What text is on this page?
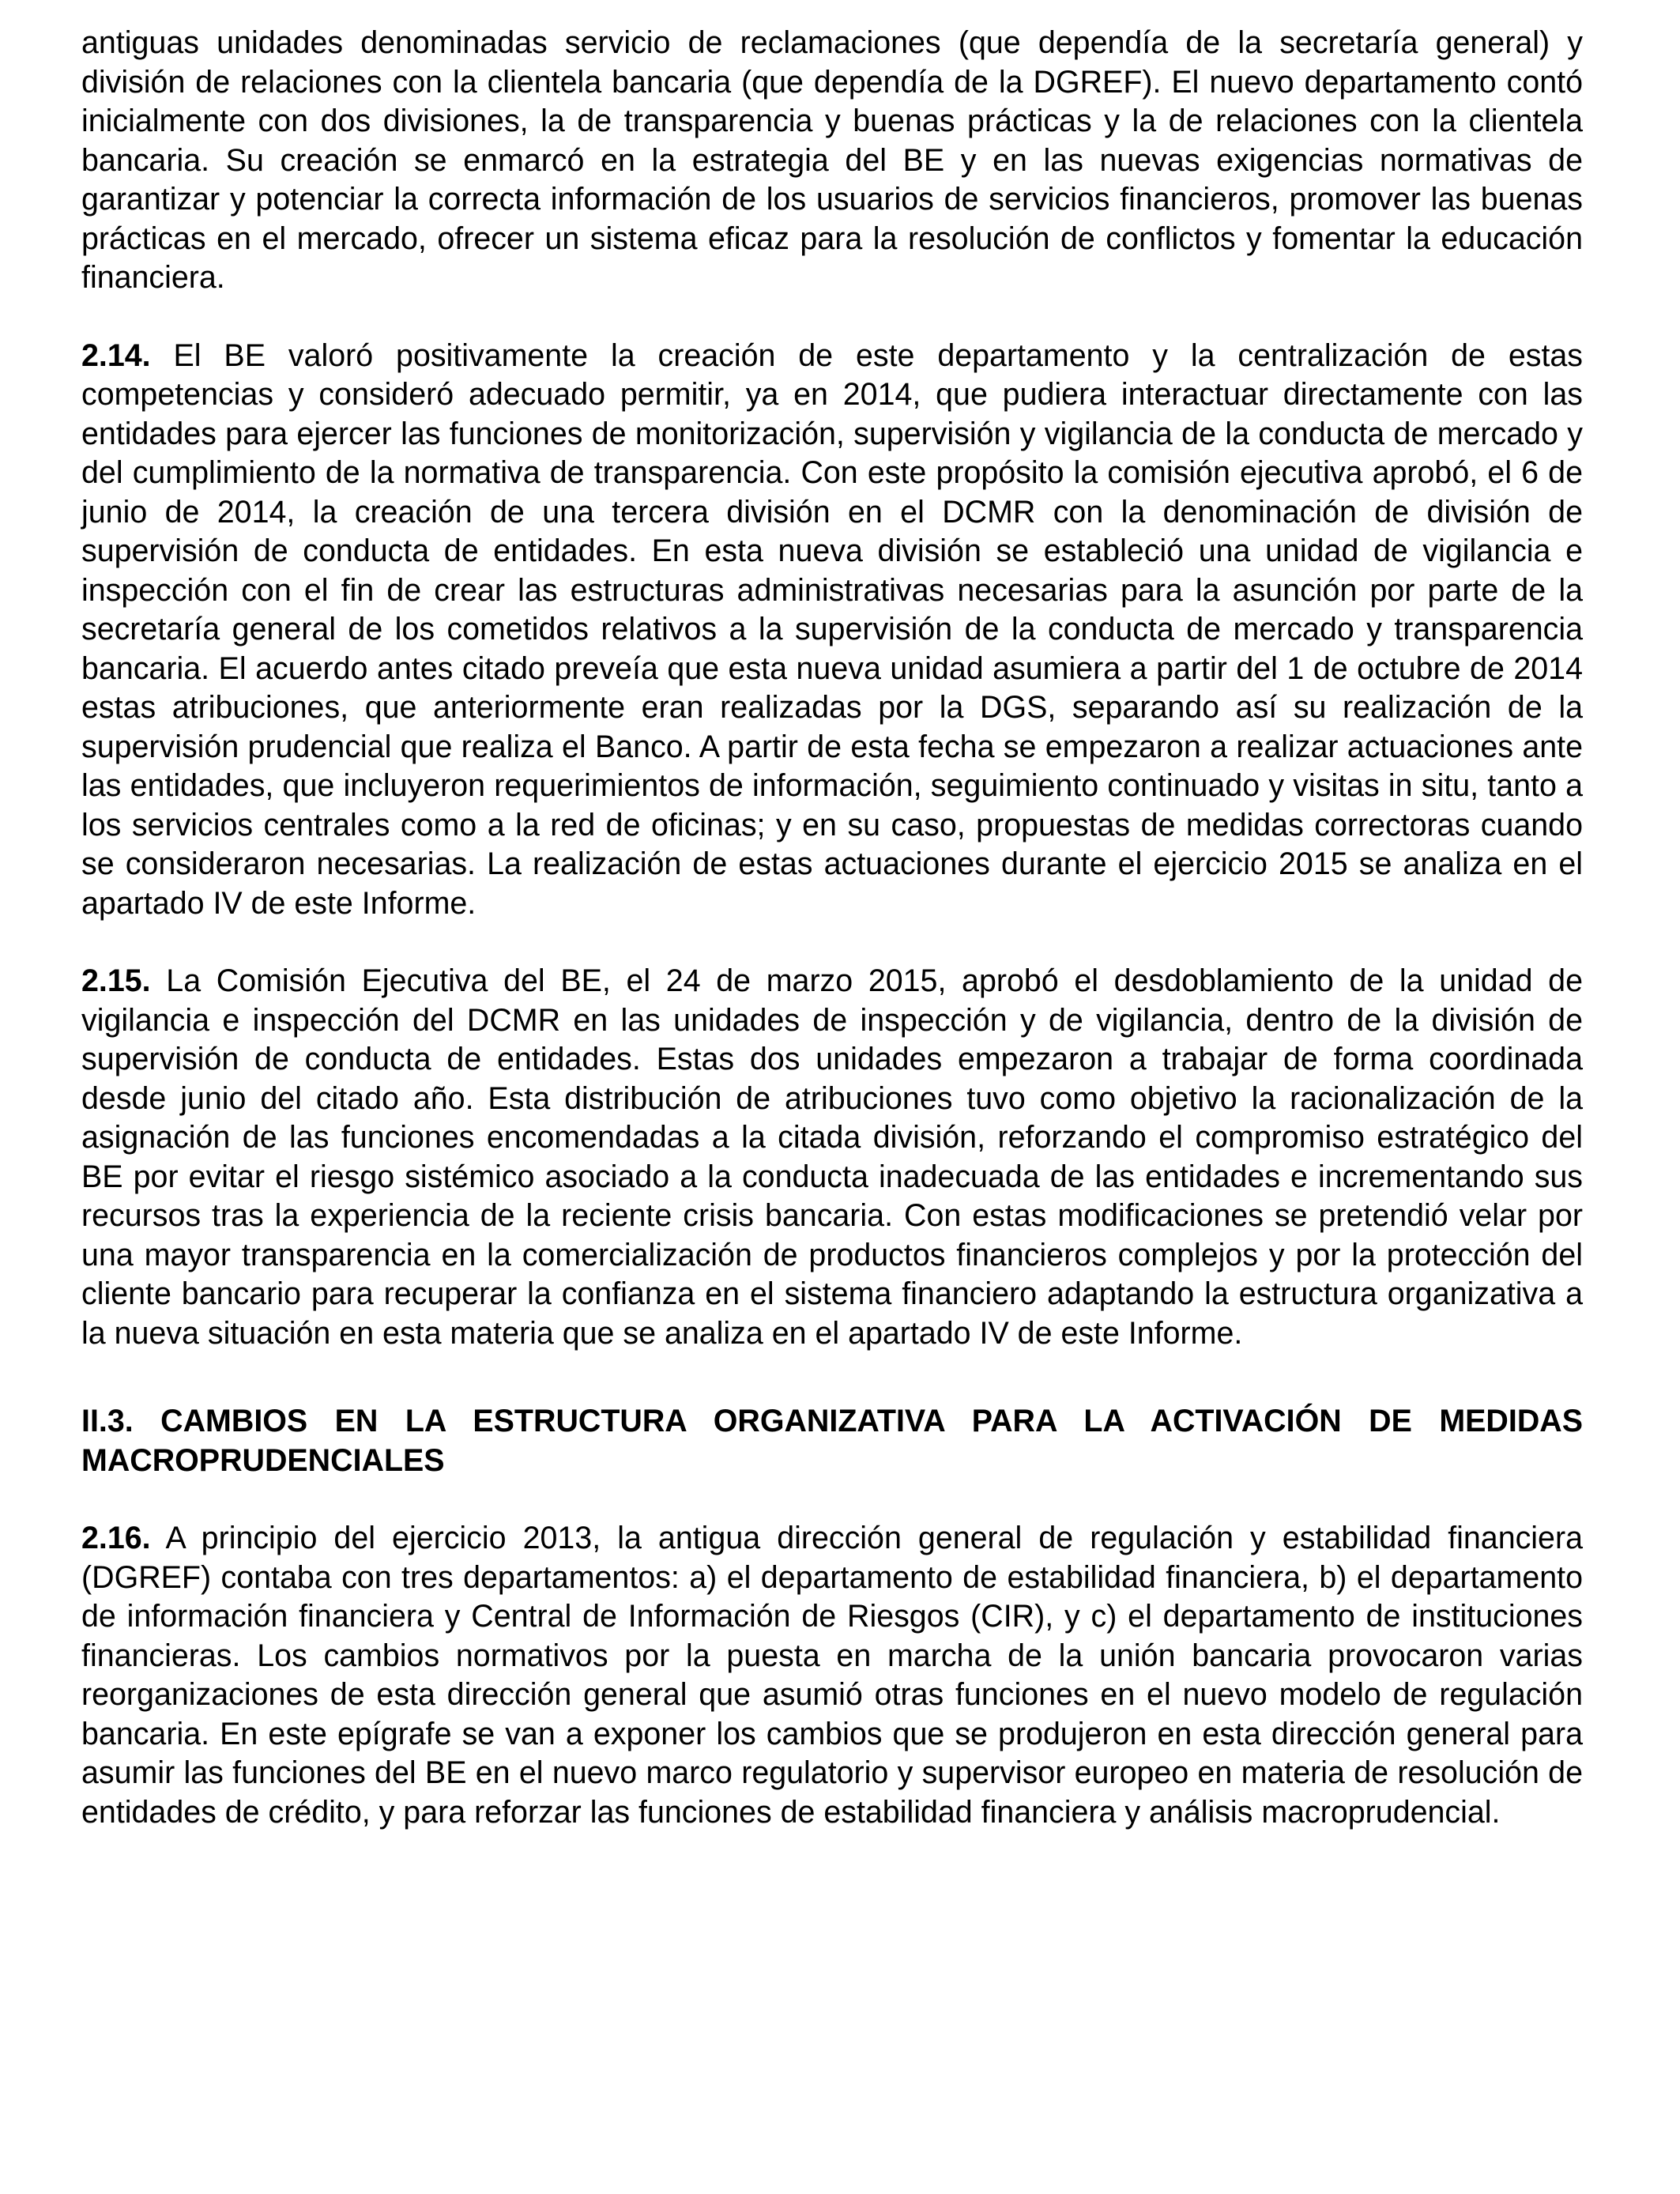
antiguas unidades denominadas servicio de reclamaciones (que dependía de la secretaría general) y división de relaciones con la clientela bancaria (que dependía de la DGREF). El nuevo departamento contó inicialmente con dos divisiones, la de transparencia y buenas prácticas y la de relaciones con la clientela bancaria. Su creación se enmarcó en la estrategia del BE y en las nuevas exigencias normativas de garantizar y potenciar la correcta información de los usuarios de servicios financieros, promover las buenas prácticas en el mercado, ofrecer un sistema eficaz para la resolución de conflictos y fomentar la educación financiera.

2.14. El BE valoró positivamente la creación de este departamento y la centralización de estas competencias y consideró adecuado permitir, ya en 2014, que pudiera interactuar directamente con las entidades para ejercer las funciones de monitorización, supervisión y vigilancia de la conducta de mercado y del cumplimiento de la normativa de transparencia. Con este propósito la comisión ejecutiva aprobó, el 6 de junio de 2014, la creación de una tercera división en el DCMR con la denominación de división de supervisión de conducta de entidades. En esta nueva división se estableció una unidad de vigilancia e inspección con el fin de crear las estructuras administrativas necesarias para la asunción por parte de la secretaría general de los cometidos relativos a la supervisión de la conducta de mercado y transparencia bancaria. El acuerdo antes citado preveía que esta nueva unidad asumiera a partir del 1 de octubre de 2014 estas atribuciones, que anteriormente eran realizadas por la DGS, separando así su realización de la supervisión prudencial que realiza el Banco. A partir de esta fecha se empezaron a realizar actuaciones ante las entidades, que incluyeron requerimientos de información, seguimiento continuado y visitas in situ, tanto a los servicios centrales como a la red de oficinas; y en su caso, propuestas de medidas correctoras cuando se consideraron necesarias. La realización de estas actuaciones durante el ejercicio 2015 se analiza en el apartado IV de este Informe.

2.15. La Comisión Ejecutiva del BE, el 24 de marzo 2015, aprobó el desdoblamiento de la unidad de vigilancia e inspección del DCMR en las unidades de inspección y de vigilancia, dentro de la división de supervisión de conducta de entidades. Estas dos unidades empezaron a trabajar de forma coordinada desde junio del citado año. Esta distribución de atribuciones tuvo como objetivo la racionalización de la asignación de las funciones encomendadas a la citada división, reforzando el compromiso estratégico del BE por evitar el riesgo sistémico asociado a la conducta inadecuada de las entidades e incrementando sus recursos tras la experiencia de la reciente crisis bancaria. Con estas modificaciones se pretendió velar por una mayor transparencia en la comercialización de productos financieros complejos y por la protección del cliente bancario para recuperar la confianza en el sistema financiero adaptando la estructura organizativa a la nueva situación en esta materia que se analiza en el apartado IV de este Informe.

II.3. CAMBIOS EN LA ESTRUCTURA ORGANIZATIVA PARA LA ACTIVACIÓN DE MEDIDAS MACROPRUDENCIALES

2.16. A principio del ejercicio 2013, la antigua dirección general de regulación y estabilidad financiera (DGREF) contaba con tres departamentos: a) el departamento de estabilidad financiera, b) el departamento de información financiera y Central de Información de Riesgos (CIR), y c) el departamento de instituciones financieras. Los cambios normativos por la puesta en marcha de la unión bancaria provocaron varias reorganizaciones de esta dirección general que asumió otras funciones en el nuevo modelo de regulación bancaria. En este epígrafe se van a exponer los cambios que se produjeron en esta dirección general para asumir las funciones del BE en el nuevo marco regulatorio y supervisor europeo en materia de resolución de entidades de crédito, y para reforzar las funciones de estabilidad financiera y análisis macroprudencial.
